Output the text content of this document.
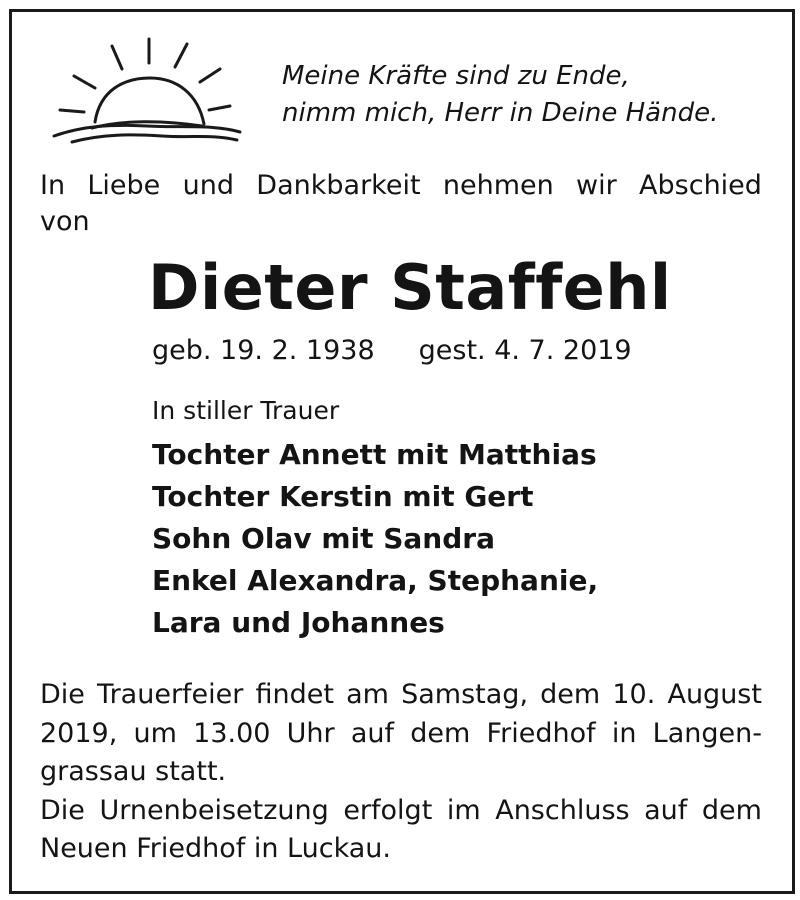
Meine Kräfte sind zu Ende,
nimm mich, Herr in Deine Hände.
In Liebe und Dankbarkeit nehmen wir Abschied
von
Dieter Staffehl
geb. 19. 2. 1938 gest. 4. 7. 2019
In stiller Trauer
Tochter Annett mit Matthias
Tochter Kerstin mit Gert
Sohn Olav mit Sandra
Enkel Alexandra, Stephanie,
Lara und Johannes
Die Trauerfeier findet am Samstag, dem 10. August
2019, um 13.00 Uhr auf dem Friedhof in Langen-
grassau statt.
Die Urnenbeisetzung erfolgt im Anschluss auf dem
Neuen Friedhof in Luckau.
